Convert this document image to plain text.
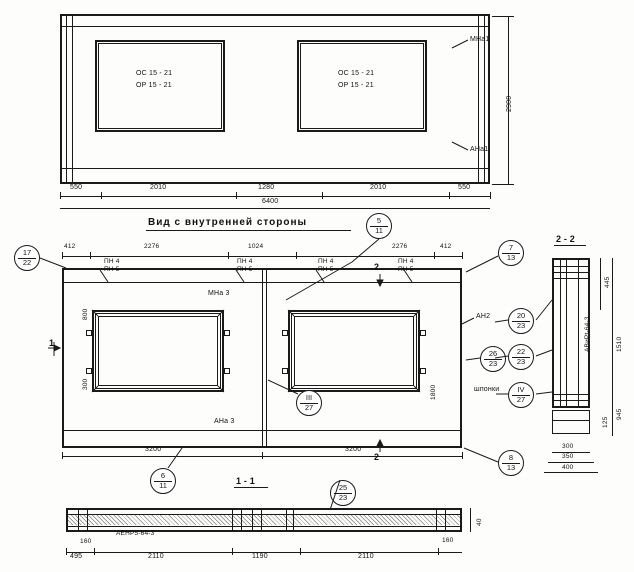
ОС 15 - 21
ОР 15 - 21
ОС 15 - 21
ОР 15 - 21
МНа1
АНа1
2900
550	2010	1280	2010	550
6400
Вид с внутренней стороны
412	2276	1024	2276	412
ПН 4
ПН 5
ПН 4
ПН 5
ПН 4
ПН 5
ПН 4
ПН 5
МНа 3
АНа 3
800
300
1800
3200	3200
АН2
шпонки
1
2
2
1 - 1
2 - 2
АВиРt-64-3
445
1510
945
125
300
350
400
АЕНР5-64-3
40
160	160
495	2110	1190	2110
17
22
5
11
7
13
20
23
26
23
22
23
IV
27
III
27
6
11
8
13
25
23
